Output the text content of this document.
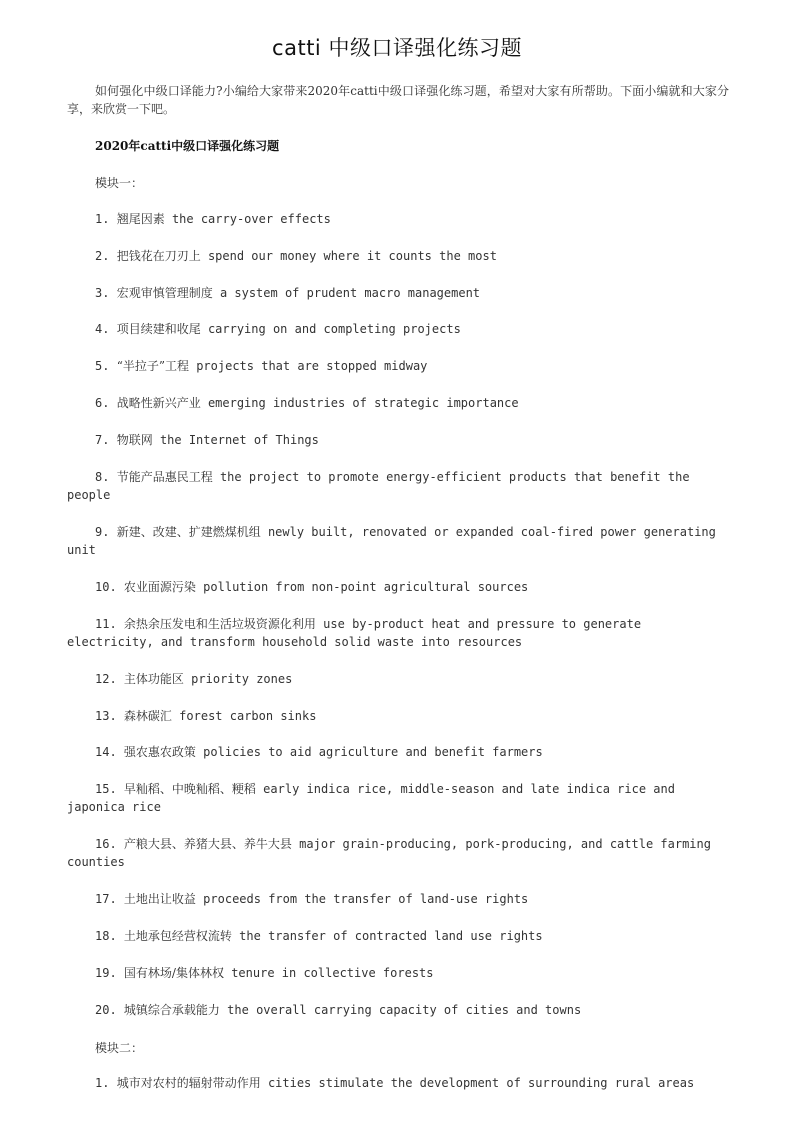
catti 中级口译强化练习题
如何强化中级口译能力?小编给大家带来2020年catti中级口译强化练习题，希望对大家有所帮助。下面小编就和大家分享，来欣赏一下吧。
2020年catti中级口译强化练习题
模块一：
1. 翘尾因素 the carry-over effects
2. 把钱花在刀刃上 spend our money where it counts the most
3. 宏观审慎管理制度 a system of prudent macro management
4. 项目续建和收尾 carrying on and completing projects
5. “半拉子”工程 projects that are stopped midway
6. 战略性新兴产业 emerging industries of strategic importance
7. 物联网 the Internet of Things
8. 节能产品惠民工程 the project to promote energy-efficient products that benefit the people
9. 新建、改建、扩建燃煤机组 newly built, renovated or expanded coal-fired power generating unit
10. 农业面源污染 pollution from non-point agricultural sources
11. 余热余压发电和生活垃圾资源化利用 use by-product heat and pressure to generate electricity, and transform household solid waste into resources
12. 主体功能区 priority zones
13. 森林碳汇 forest carbon sinks
14. 强农惠农政策 policies to aid agriculture and benefit farmers
15. 早籼稻、中晚籼稻、粳稻 early indica rice, middle-season and late indica rice and japonica rice
16. 产粮大县、养猪大县、养牛大县 major grain-producing, pork-producing, and cattle farming counties
17. 土地出让收益 proceeds from the transfer of land-use rights
18. 土地承包经营权流转 the transfer of contracted land use rights
19. 国有林场/集体林权 tenure in collective forests
20. 城镇综合承载能力 the overall carrying capacity of cities and towns
模块二：
1. 城市对农村的辐射带动作用 cities stimulate the development of surrounding rural areas
